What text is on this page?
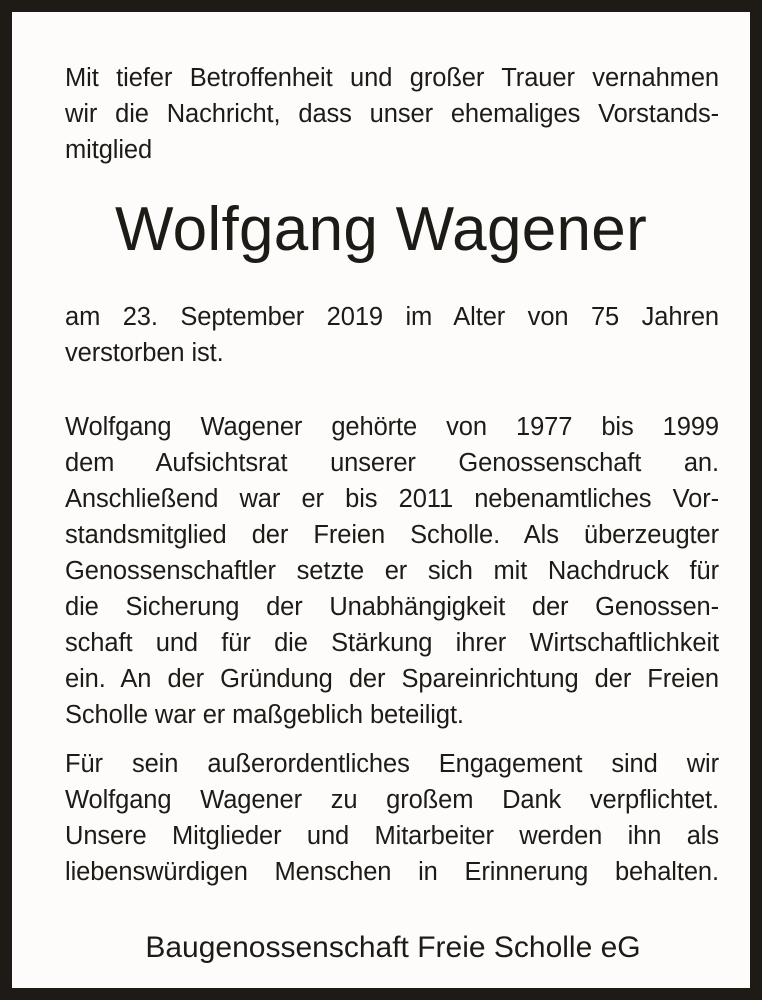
Mit tiefer Betroffenheit und großer Trauer vernahmen
wir die Nachricht, dass unser ehemaliges Vorstands-
mitglied
Wolfgang Wagener
am 23. September 2019 im Alter von 75 Jahren
verstorben ist.
Wolfgang Wagener gehörte von 1977 bis 1999
dem Aufsichtsrat unserer Genossenschaft an.
Anschließend war er bis 2011 nebenamtliches Vor-
standsmitglied der Freien Scholle. Als überzeugter
Genossenschaftler setzte er sich mit Nachdruck für
die Sicherung der Unabhängigkeit der Genossen-
schaft und für die Stärkung ihrer Wirtschaftlichkeit
ein. An der Gründung der Spareinrichtung der Freien
Scholle war er maßgeblich beteiligt.
Für sein außerordentliches Engagement sind wir
Wolfgang Wagener zu großem Dank verpflichtet.
Unsere Mitglieder und Mitarbeiter werden ihn als
liebenswürdigen Menschen in Erinnerung behalten.
Baugenossenschaft Freie Scholle eG
